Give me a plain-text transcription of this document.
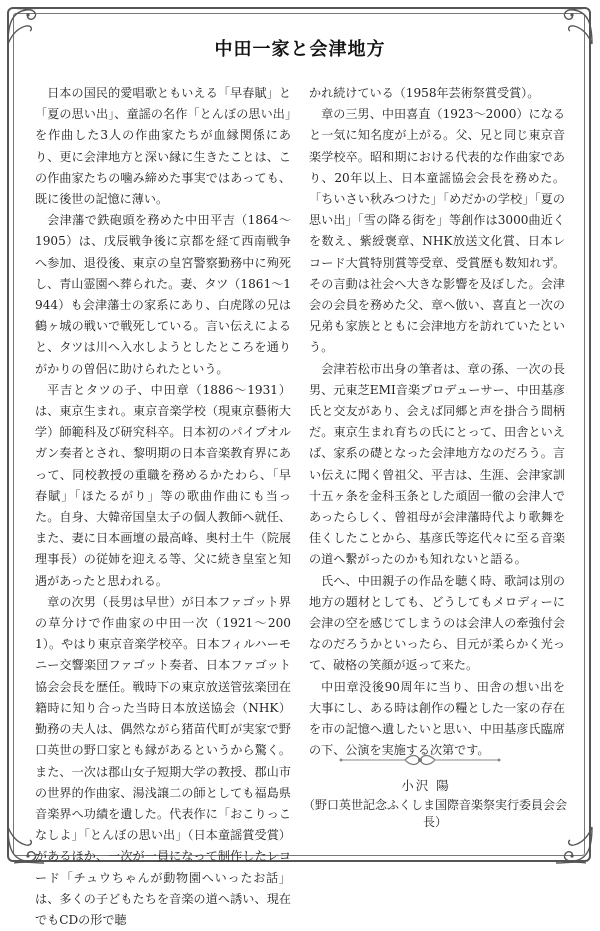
中田一家と会津地方

日本の国民的愛唱歌ともいえる「早春賦」と「夏の思い出」、童謡の名作「とんぼの思い出」を作曲した3人の作曲家たちが血縁関係にあり、更に会津地方と深い縁に生きたことは、この作曲家たちの噛み締めた事実ではあっても、既に後世の記憶に薄い。

会津藩で鉄砲頭を務めた中田平吉（1864〜1905）は、戊辰戦争後に京都を経て西南戦争へ参加、退役後、東京の皇宮警察勤務中に殉死し、青山霊園へ葬られた。妻、タツ（1861〜1944）も会津藩士の家系にあり、白虎隊の兄は鶴ヶ城の戦いで戦死している。言い伝えによると、タツは川へ入水しようとしたところを通りがかりの曽侶に助けられたという。

平吉とタツの子、中田章（1886〜1931）は、東京生まれ。東京音楽学校（現東京藝術大学）師範科及び研究科卒。日本初のパイプオルガン奏者とされ、黎明期の日本音楽教育界にあって、同校教授の重職を務めるかたわら、「早春賦」「ほたるがり」等の歌曲作曲にも当った。自身、大韓帝国皇太子の個人教師へ就任、また、妻に日本画壇の最高峰、奥村土牛（院展理事長）の従姉を迎える等、父に続き皇室と知遇があったと思われる。

章の次男（長男は早世）が日本ファゴット界の草分けで作曲家の中田一次（1921〜2001）。やはり東京音楽学校卒。日本フィルハーモニー交響楽団ファゴット奏者、日本ファゴット協会会長を歴任。戦時下の東京放送管弦楽団在籍時に知り合った当時日本放送協会（NHK）勤務の夫人は、偶然ながら猪苗代町が実家で野口英世の野口家とも縁があるというから驚く。また、一次は郡山女子短期大学の教授、郡山市の世界的作曲家、湯浅譲二の師としても福島県音楽界へ功績を遺した。代表作に「おこりっこなしよ」「とんぼの思い出」（日本童謡賞受賞）があるほか、一次が一員になって制作したレコード「チュウちゃんが動物園へいったお話」は、多くの子どもたちを音楽の道へ誘い、現在でもCDの形で聴

かれ続けている（1958年芸術祭賞受賞）。

章の三男、中田喜直（1923〜2000）になると一気に知名度が上がる。父、兄と同じ東京音楽学校卒。昭和期における代表的な作曲家であり、20年以上、日本童謡協会会長を務めた。「ちいさい秋みつけた」「めだかの学校」「夏の思い出」「雪の降る街を」等創作は3000曲近くを数え、紫綬褒章、NHK放送文化賞、日本レコード大賞特別賞等受章、受賞歴も数知れず。その言動は社会へ大きな影響を及ぼした。会津会の会員を務めた父、章へ倣い、喜直と一次の兄弟も家族とともに会津地方を訪れていたという。

会津若松市出身の筆者は、章の孫、一次の長男、元東芝EMI音楽プロデューサー、中田基彦氏と交友があり、会えば同郷と声を掛合う間柄だ。東京生まれ育ちの氏にとって、田舎といえば、家系の礎となった会津地方なのだろう。言い伝えに聞く曾祖父、平吉は、生涯、会津家訓十五ヶ条を金科玉条とした頑固一徹の会津人であったらしく、曾祖母が会津藩時代より歌舞を佳くしたことから、基彦氏等迄代々に至る音楽の道へ繋がったのかも知れないと語る。

氏へ、中田親子の作品を聴く時、歌詞は別の地方の題材としても、どうしてもメロディーに会津の空を感じてしまうのは会津人の牽強付会なのだろうかといったら、目元が柔らかく光って、破格の笑顔が返って来た。

中田章没後90周年に当り、田舎の想い出を大事にし、ある時は創作の糧とした一家の存在を市の記憶へ遺したいと思い、中田基彦氏臨席の下、公演を実施する次第です。

小沢 陽
（野口英世記念ふくしま国際音楽祭実行委員会会長）
